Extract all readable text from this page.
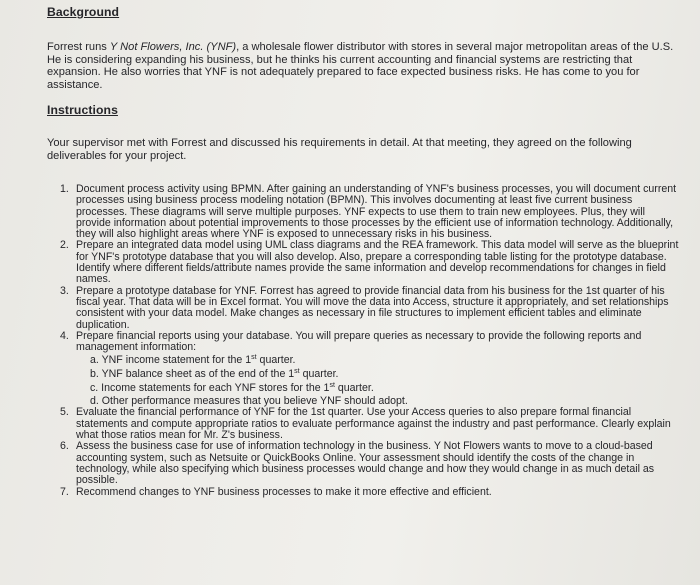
Background
Forrest runs Y Not Flowers, Inc. (YNF), a wholesale flower distributor with stores in several major metropolitan areas of the U.S. He is considering expanding his business, but he thinks his current accounting and financial systems are restricting that expansion. He also worries that YNF is not adequately prepared to face expected business risks. He has come to you for assistance.
Instructions
Your supervisor met with Forrest and discussed his requirements in detail. At that meeting, they agreed on the following deliverables for your project.
1. Document process activity using BPMN. After gaining an understanding of YNF's business processes, you will document current processes using business process modeling notation (BPMN). This involves documenting at least five current business processes. These diagrams will serve multiple purposes. YNF expects to use them to train new employees. Plus, they will provide information about potential improvements to those processes by the efficient use of information technology. Additionally, they will also highlight areas where YNF is exposed to unnecessary risks in his business.
2. Prepare an integrated data model using UML class diagrams and the REA framework. This data model will serve as the blueprint for YNF's prototype database that you will also develop. Also, prepare a corresponding table listing for the prototype database. Identify where different fields/attribute names provide the same information and develop recommendations for changes in field names.
3. Prepare a prototype database for YNF. Forrest has agreed to provide financial data from his business for the 1st quarter of his fiscal year. That data will be in Excel format. You will move the data into Access, structure it appropriately, and set relationships consistent with your data model. Make changes as necessary in file structures to implement efficient tables and eliminate duplication.
4. Prepare financial reports using your database. You will prepare queries as necessary to provide the following reports and management information:
a. YNF income statement for the 1st quarter.
b. YNF balance sheet as of the end of the 1st quarter.
c. Income statements for each YNF stores for the 1st quarter.
d. Other performance measures that you believe YNF should adopt.
5. Evaluate the financial performance of YNF for the 1st quarter. Use your Access queries to also prepare formal financial statements and compute appropriate ratios to evaluate performance against the industry and past performance. Clearly explain what those ratios mean for Mr. Z's business.
6. Assess the business case for use of information technology in the business. Y Not Flowers wants to move to a cloud-based accounting system, such as Netsuite or QuickBooks Online. Your assessment should identify the costs of the change in technology, while also specifying which business processes would change and how they would change in as much detail as possible.
7. Recommend changes to YNF business processes to make it more effective and efficient.
